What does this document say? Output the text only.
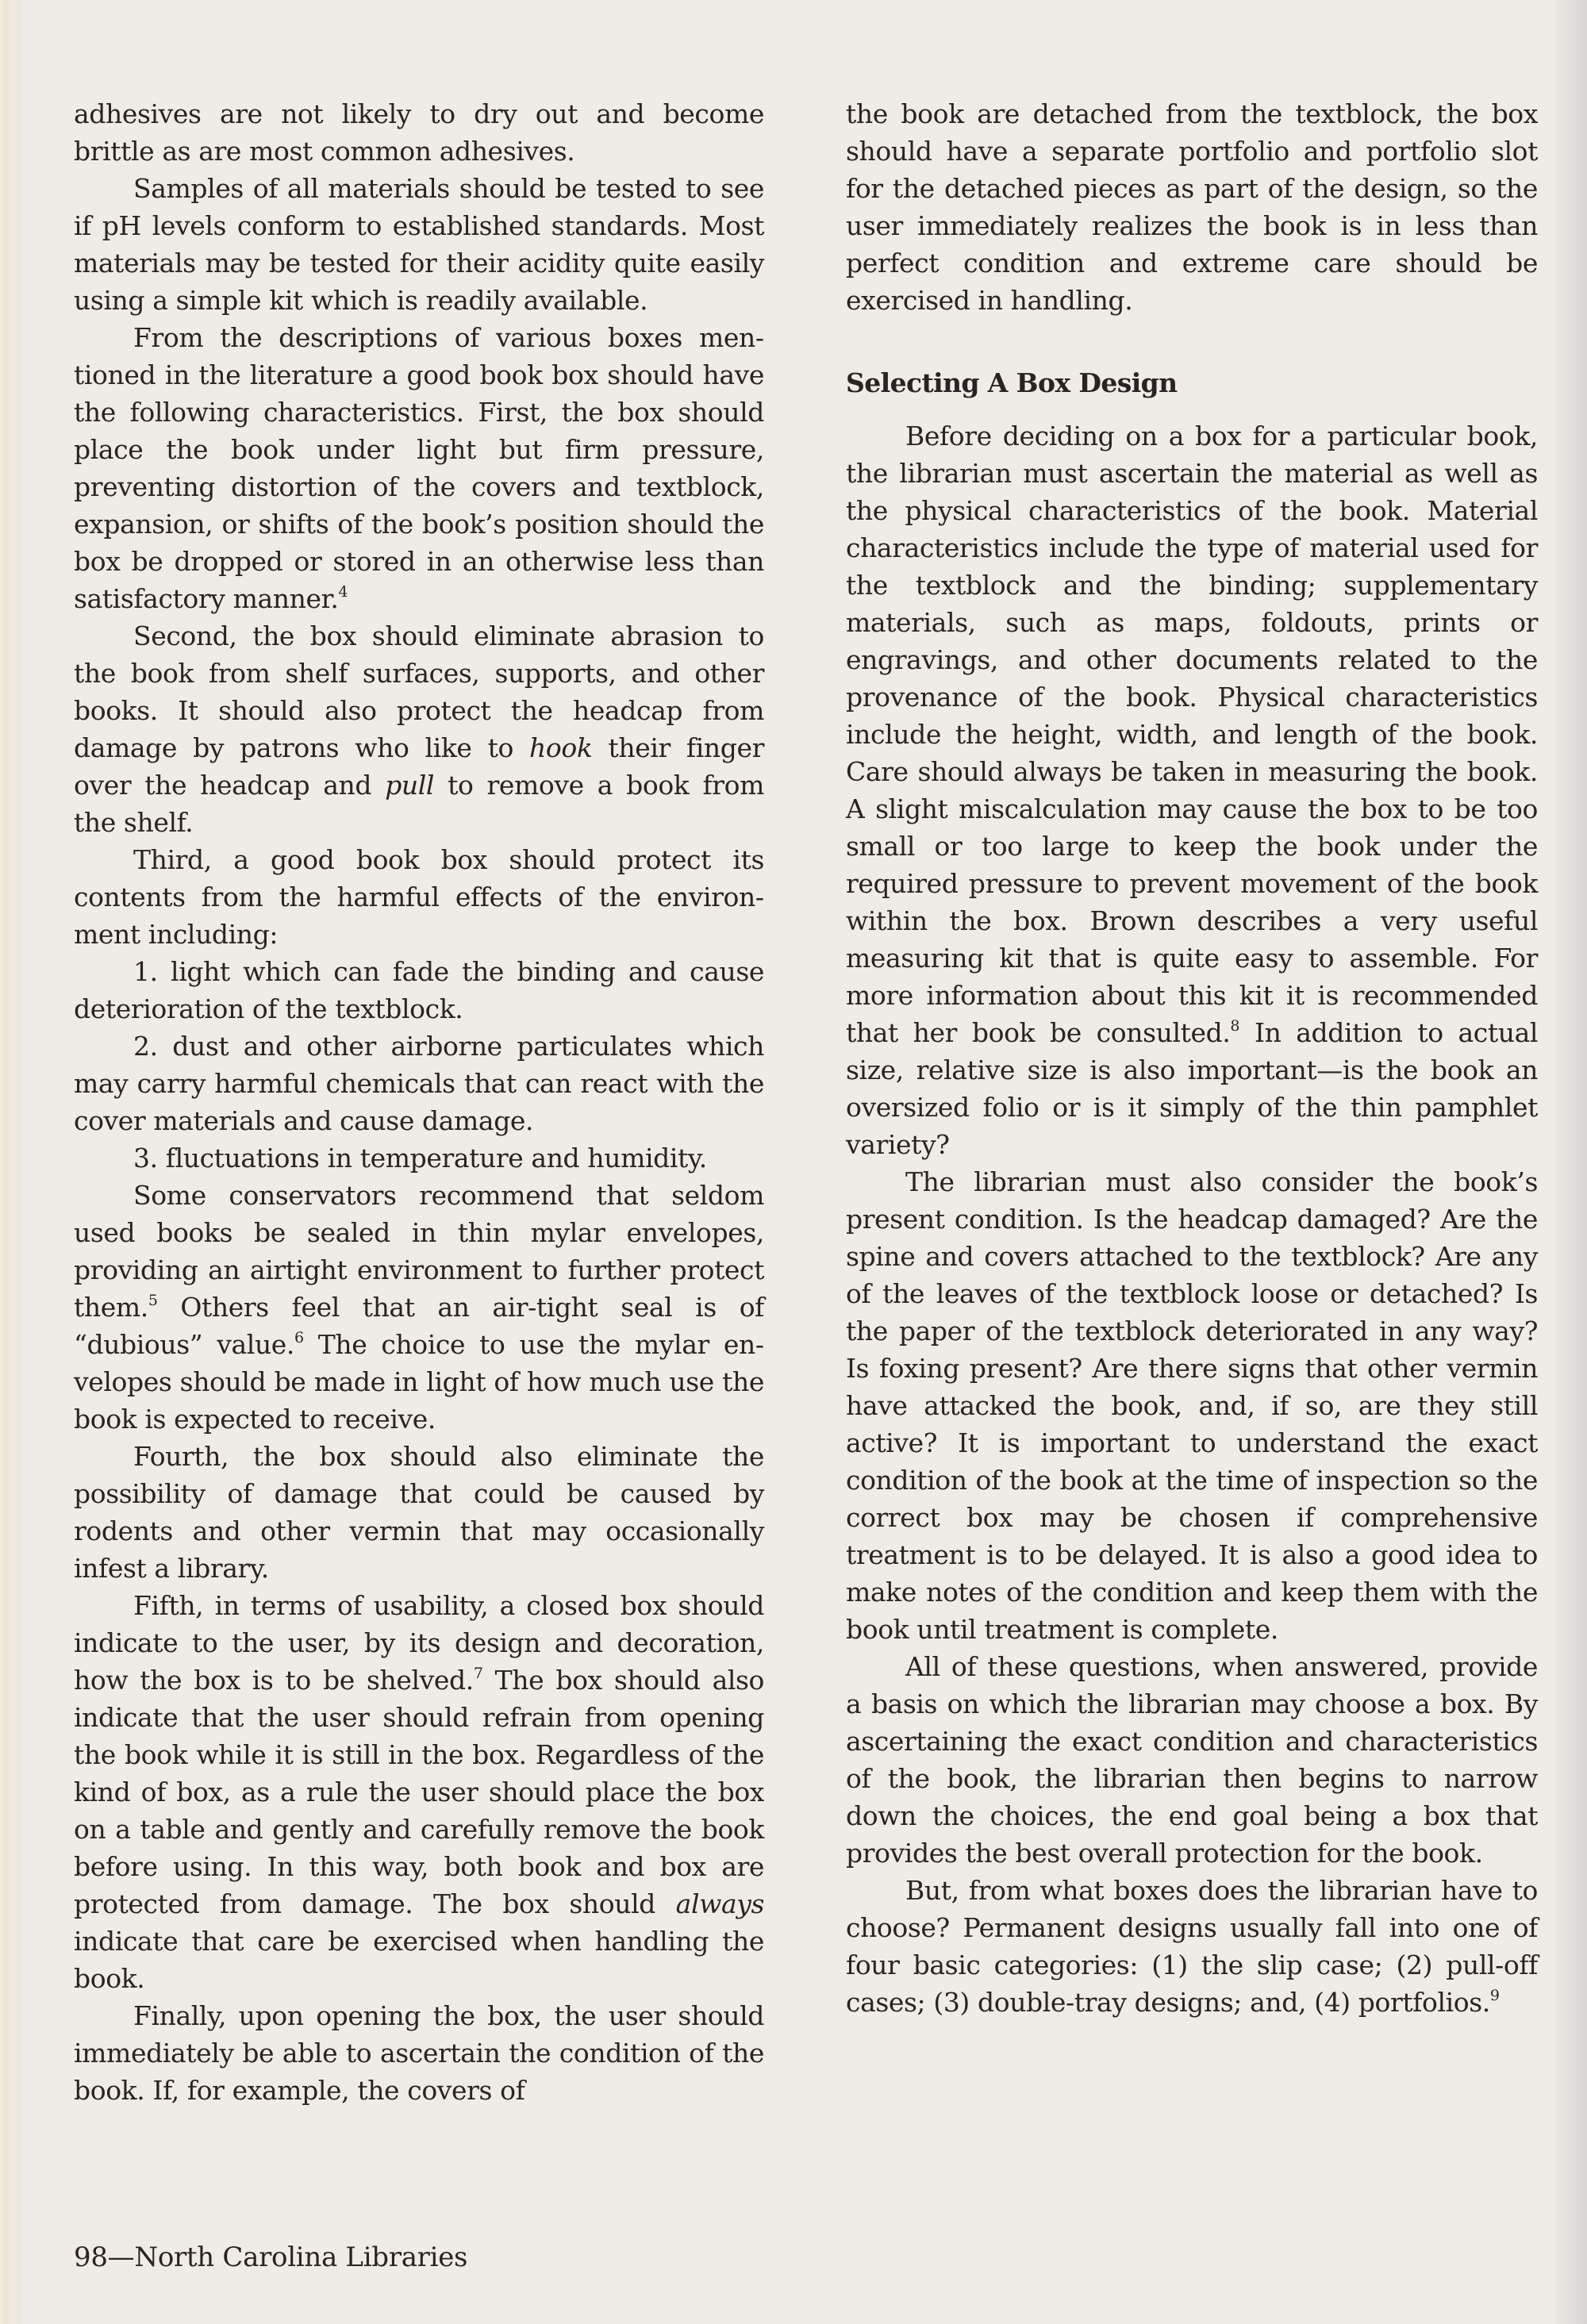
adhesives are not likely to dry out and become brittle as are most common adhesives.

Samples of all materials should be tested to see if pH levels conform to established standards. Most materials may be tested for their acidity quite easily using a simple kit which is readily available.

From the descriptions of various boxes mentioned in the literature a good book box should have the following characteristics. First, the box should place the book under light but firm pressure, preventing distortion of the covers and textblock, expansion, or shifts of the book’s position should the box be dropped or stored in an otherwise less than satisfactory manner.$^4$

Second, the box should eliminate abrasion to the book from shelf surfaces, supports, and other books. It should also protect the headcap from damage by patrons who like to hook their finger over the headcap and pull to remove a book from the shelf.

Third, a good book box should protect its contents from the harmful effects of the environment including:

1. light which can fade the binding and cause deterioration of the textblock.

2. dust and other airborne particulates which may carry harmful chemicals that can react with the cover materials and cause damage.

3. fluctuations in temperature and humidity.

Some conservators recommend that seldom used books be sealed in thin mylar envelopes, providing an airtight environment to further protect them.$^5$ Others feel that an air-tight seal is of “dubious” value.$^6$ The choice to use the mylar envelopes should be made in light of how much use the book is expected to receive.

Fourth, the box should also eliminate the possibility of damage that could be caused by rodents and other vermin that may occasionally infest a library.

Fifth, in terms of usability, a closed box should indicate to the user, by its design and decoration, how the box is to be shelved.$^7$ The box should also indicate that the user should refrain from opening the book while it is still in the box. Regardless of the kind of box, as a rule the user should place the box on a table and gently and carefully remove the book before using. In this way, both book and box are protected from damage. The box should always indicate that care be exercised when handling the book.

Finally, upon opening the box, the user should immediately be able to ascertain the condition of the book. If, for example, the covers of

the book are detached from the textblock, the box should have a separate portfolio and portfolio slot for the detached pieces as part of the design, so the user immediately realizes the book is in less than perfect condition and extreme care should be exercised in handling.

Selecting A Box Design

Before deciding on a box for a particular book, the librarian must ascertain the material as well as the physical characteristics of the book. Material characteristics include the type of material used for the textblock and the binding; supplementary materials, such as maps, foldouts, prints or engravings, and other documents related to the provenance of the book. Physical characteristics include the height, width, and length of the book. Care should always be taken in measuring the book. A slight miscalculation may cause the box to be too small or too large to keep the book under the required pressure to prevent movement of the book within the box. Brown describes a very useful measuring kit that is quite easy to assemble. For more information about this kit it is recommended that her book be consulted.$^8$ In addition to actual size, relative size is also important—is the book an oversized folio or is it simply of the thin pamphlet variety?

The librarian must also consider the book’s present condition. Is the headcap damaged? Are the spine and covers attached to the textblock? Are any of the leaves of the textblock loose or detached? Is the paper of the textblock deteriorated in any way? Is foxing present? Are there signs that other vermin have attacked the book, and, if so, are they still active? It is important to understand the exact condition of the book at the time of inspection so the correct box may be chosen if comprehensive treatment is to be delayed. It is also a good idea to make notes of the condition and keep them with the book until treatment is complete.

All of these questions, when answered, provide a basis on which the librarian may choose a box. By ascertaining the exact condition and characteristics of the book, the librarian then begins to narrow down the choices, the end goal being a box that provides the best overall protection for the book.

But, from what boxes does the librarian have to choose? Permanent designs usually fall into one of four basic categories: (1) the slip case; (2) pull-off cases; (3) double-tray designs; and, (4) portfolios.$^9$

98—North Carolina Libraries
